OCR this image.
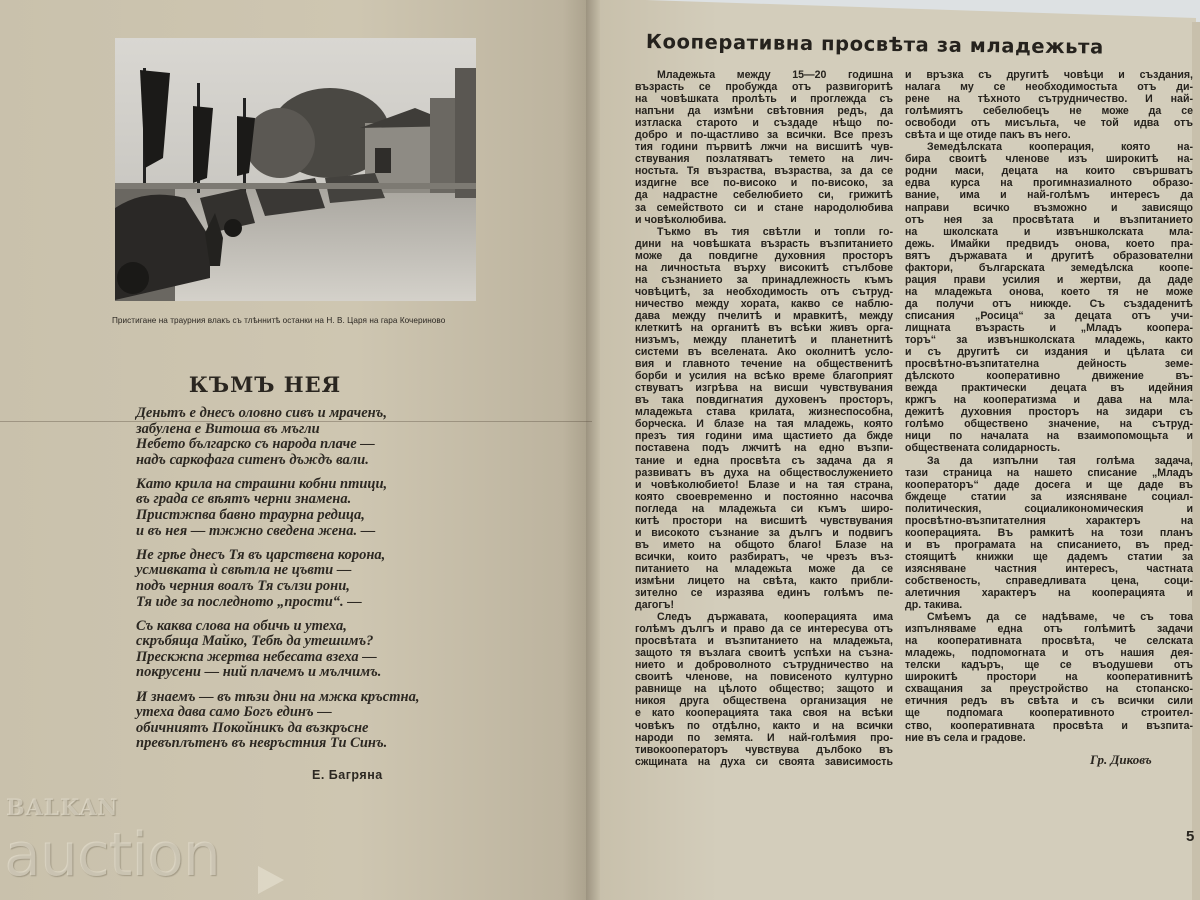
Пристигане на траурния влакъ съ тлѣннитѣ останки на Н. В. Царя на гара Кочериново
КЪМЪ НЕЯ
Деньтъ е днесъ оловно сивъ и мраченъ,
забулена е Витоша въ мъгли
Небето българско съ народа плаче —
надъ саркофага ситенъ дъждъ вали.
Като крила на страшни кобни птици,
въ града се вѣятъ черни знамена.
Пристжпва бавно траурна редица,
и въ нея — тжжно сведена жена. —
Не грѣе днесъ Тя въ царствена корона,
усмивката ѝ свѣтла не цъвти —
подъ черния воалъ Тя сълзи рони,
Тя иде за последното „прости“. —
Съ каква слова на обичь и утеха,
скръбяща Майко, Тебѣ да утешимъ?
Прескжпа жертва небесата взеха —
покрусени — ний плачемъ и мълчимъ.
И знаемъ — въ тѣзи дни на мжка кръстна,
утеха дава само Богъ единъ —
обичниятъ Покойникъ да възкръсне
превъплътенъ въ невръстния Ти Синъ.
Е. Багряна
BALKAN
auction
Кооперативна просвѣта за младежьта
Младежьта между 15—20 годишна
възрасть се пробужда отъ развигоритѣ
на човѣшката пролѣть и проглежда съ
напъни да измѣни свѣтовния редъ, да
изтласка старото и създаде нѣщо по-
добро и по-щастливо за всички. Все презъ
тия години първитѣ лжчи на висшитѣ чув-
ствувания позлатяватъ темето на лич-
ностьта. Тя възраства, възраства, за да се
издигне все по-високо и по-високо, за
да надрастне себелюбието си, грижитѣ
за семейството си и стане народолюбива
и човѣколюбива.
Тъкмо въ тия свѣтли и топли го-
дини на човѣшката възрасть възпитанието
може да повдигне духовния просторъ
на личностьта върху високитѣ стълбове
на съзнанието за принадлежность къмъ
човѣцитѣ, за необходимость отъ сътруд-
ничество между хората, какво се наблю-
дава между пчелитѣ и мравкитѣ, между
клеткитѣ на органитѣ въ всѣки живъ орга-
низъмъ, между планетитѣ и планетнитѣ
системи въ вселената. Ако околнитѣ усло-
вия и главното течение на общественитѣ
борби и усилия на всѣко време благоприят
ствуватъ изгрѣва на висши чувствувания
въ така повдигнатия духовенъ просторъ,
младежьта става крилата, жизнеспособна,
борческа. И блазе на тая младежь, която
презъ тия години има щастието да бжде
поставена подъ лжчитѣ на едно възпи-
тание и една просвѣта съ задача да я
развиватъ въ духа на обществослужението
и човѣколюбието! Блазе и на тая страна,
която своевременно и постоянно насочва
погледа на младежьта си къмъ широ-
китѣ простори на висшитѣ чувствувания
и високото съзнание за дългъ и подвигъ
въ името на общото благо! Блазе на
всички, които разбиратъ, че чрезъ въз-
питанието на младежьта може да се
измѣни лицето на свѣта, както прибли-
зително се изразява единъ голѣмъ пе-
дагогъ!
Следъ държавата, кооперацията има
голѣмъ дългъ и право да се интересува отъ
просвѣтата и възпитанието на младежьта,
защото тя възлага своитѣ успѣхи на съзна-
нието и доброволното сътрудничество на
своитѣ членове, на повисеното културно
равнище на цѣлото общество; защото и
никоя друга обществена организация не
е като кооперацията така своя на всѣки
човѣкъ по отдѣлно, както и на всички
народи по земята. И най-голѣмия про-
тивокооператоръ чувствува дълбоко въ
сжщината на духа си своята зависимость
и връзка съ другитѣ човѣци и създания,
налага му се необходимостьта отъ ди-
рене на тѣхното сътрудничество. И най-
голѣмиятъ себелюбецъ не може да се
освободи отъ мисъльта, че той идва отъ
свѣта и ще отиде пакъ въ него.
Земедѣлската кооперация, която на-
бира своитѣ членове изъ широкитѣ на-
родни маси, децата на които свършватъ
едва курса на прогимназиалното образо-
вание, има и най-голѣмъ интересъ да
направи всичко възможно и зависящо
отъ нея за просвѣтата и възпитанието
на школската и извъншколската мла-
дежь. Имайки предвидъ онова, което пра-
вятъ държавата и другитѣ образователни
фактори, българската земедѣлска коопе-
рация прави усилия и жертви, да даде
на младежьта онова, което тя не може
да получи отъ никжде. Съ създаденитѣ
списания „Росица“ за децата отъ учи-
лищната възрасть и „Младъ коопера-
торъ“ за извъншколската младежь, както
и съ другитѣ си издания и цѣлата си
просвѣтно-възпитателна дейность земе-
дѣлското кооперативно движение въ-
вежда практически децата въ идейния
кржгъ на кооператизма и дава на мла-
дежитѣ духовния просторъ на зидари съ
голѣмо обществено значение, на сътруд-
ници по началата на взаимопомощьта и
обществената солидарность.
За да изпълни тая голѣма задача,
тази страница на нашето списание „Младъ
кооператоръ“ даде досега и ще даде въ
бждеще статии за изясняване социал-
политическия, социаликономическия и
просвѣтно-възпитателния характеръ на
кооперацията. Въ рамкитѣ на този планъ
и въ програмата на списанието, въ пред-
стоящитѣ книжки ще дадемъ статии за
изясняване частния интересъ, частната
собственость, справедливата цена, соци-
алетичния характеръ на кооперацията и
др. такива.
Смѣемъ да се надѣваме, че съ това
изпълняваме една отъ голѣмитѣ задачи
на кооперативната просвѣта, че селската
младежь, подпомогната и отъ нашия дея-
телски кадъръ, ще се въодушеви отъ
широкитѣ простори на кооперативнитѣ
схващания за преустройство на стопанско-
етичния редъ въ свѣта и съ всички сили
ще подпомага кооперативното строител-
ство, кооперативната просвѣта и възпита-
ние въ села и градове.
Гр. Диковъ
5
